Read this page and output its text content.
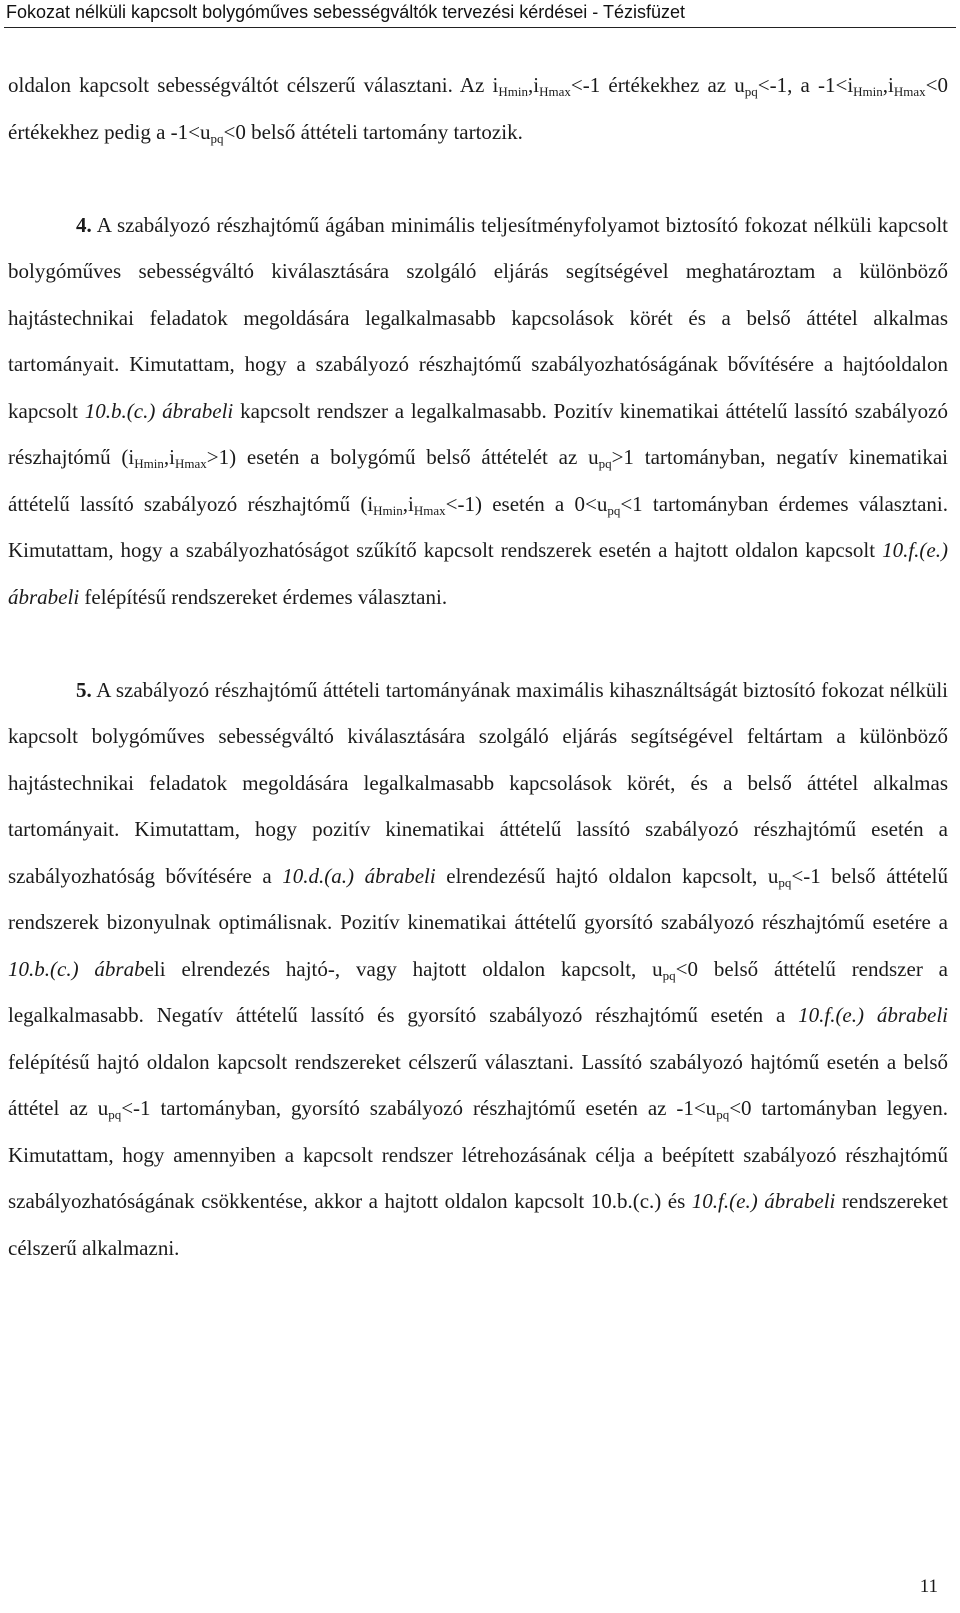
Fokozat nélküli kapcsolt bolygóműves sebességváltók tervezési kérdései - Tézisfüzet

oldalon kapcsolt sebességváltót célszerű választani. Az $i_{Hmin},i_{Hmax}<-1$ értékekhez az $u_{pq}<-1$, a $-1<i_{Hmin},i_{Hmax}<0$ értékekhez pedig a $-1<u_{pq}<0$ belső áttételi tartomány tartozik.

4. A szabályozó részhajtómű ágában minimális teljesítményfolyamot biztosító fokozat nélküli kapcsolt bolygóműves sebességváltó kiválasztására szolgáló eljárás segítségével meghatároztam a különböző hajtástechnikai feladatok megoldására legalkalmasabb kapcsolások körét és a belső áttétel alkalmas tartományait. Kimutattam, hogy a szabályozó részhajtómű szabályozhatóságának bővítésére a hajtóoldalon kapcsolt 10.b.(c.) ábrabeli kapcsolt rendszer a legalkalmasabb. Pozitív kinematikai áttételű lassító szabályozó részhajtómű $(i_{Hmin},i_{Hmax}>1)$ esetén a bolygómű belső áttételét az $u_{pq}>1$ tartományban, negatív kinematikai áttételű lassító szabályozó részhajtómű $(i_{Hmin},i_{Hmax}<-1)$ esetén a $0<u_{pq}<1$ tartományban érdemes választani. Kimutattam, hogy a szabályozhatóságot szűkítő kapcsolt rendszerek esetén a hajtott oldalon kapcsolt 10.f.(e.) ábrabeli felépítésű rendszereket érdemes választani.

5. A szabályozó részhajtómű áttételi tartományának maximális kihasználtságát biztosító fokozat nélküli kapcsolt bolygóműves sebességváltó kiválasztására szolgáló eljárás segítségével feltártam a különböző hajtástechnikai feladatok megoldására legalkalmasabb kapcsolások körét, és a belső áttétel alkalmas tartományait. Kimutattam, hogy pozitív kinematikai áttételű lassító szabályozó részhajtómű esetén a szabályozhatóság bővítésére a 10.d.(a.) ábrabeli elrendezésű hajtó oldalon kapcsolt, $u_{pq}<-1$ belső áttételű rendszerek bizonyulnak optimálisnak. Pozitív kinematikai áttételű gyorsító szabályozó részhajtómű esetére a 10.b.(c.) ábrabeli elrendezés hajtó-, vagy hajtott oldalon kapcsolt, $u_{pq}<0$ belső áttételű rendszer a legalkalmasabb. Negatív áttételű lassító és gyorsító szabályozó részhajtómű esetén a 10.f.(e.) ábrabeli felépítésű hajtó oldalon kapcsolt rendszereket célszerű választani. Lassító szabályozó hajtómű esetén a belső áttétel az $u_{pq}<-1$ tartományban, gyorsító szabályozó részhajtómű esetén az $-1<u_{pq}<0$ tartományban legyen. Kimutattam, hogy amennyiben a kapcsolt rendszer létrehozásának célja a beépített szabályozó részhajtómű szabályozhatóságának csökkentése, akkor a hajtott oldalon kapcsolt 10.b.(c.) és 10.f.(e.) ábrabeli rendszereket célszerű alkalmazni.

11
